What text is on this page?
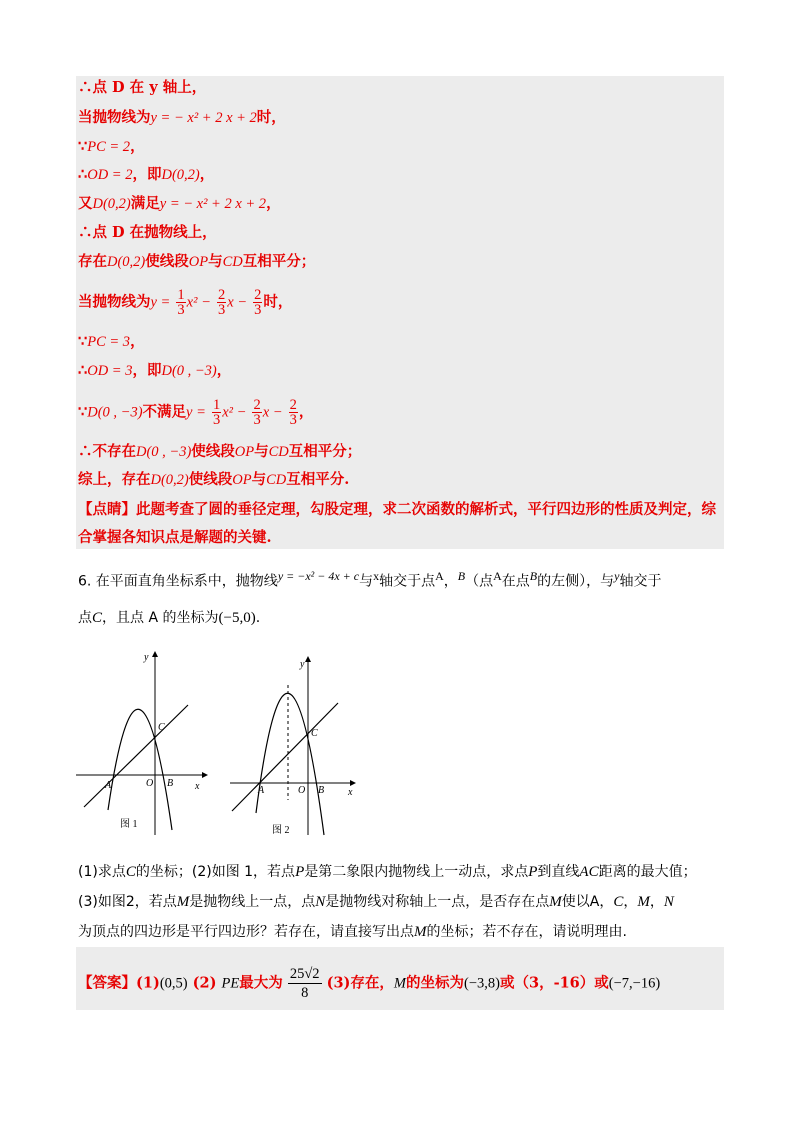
∴点 D 在 y 轴上，
当抛物线为y = − x² + 2 x + 2时，
∵PC = 2，
∴OD = 2，即D(0,2)，
又D(0,2)满足y = − x² + 2 x + 2，
∴点 D 在抛物线上，
存在D(0,2)使线段OP与CD互相平分；
当抛物线为$y = \frac{1}{3} x^2 - \frac{2}{3}$ $x - \frac{2}{3}$ 时，
∵PC = 3，
∴OD = 3，即D(0 , −3)，
∵D(0 , −3)不满足$y = \frac{1}{3} x^2 - \frac{2}{3}$ $x - \frac{2}{3}$ ，
∴不存在D(0 , −3)使线段OP与CD互相平分；
综上，存在D(0,2)使线段OP与CD互相平分.
【点睛】此题考查了圆的垂径定理，勾股定理，求二次函数的解析式，平行四边形的性质及判定，综合掌握各知识点是解题的关键.
6. 在平面直角坐标系中，抛物线$^{y = -x^2 - 4x + c}$与$^x$轴交于点$^A$，$^B$（点$^A$在点$^B$的左侧），与$^y$轴交于
点C，且点 A 的坐标为(−5,0).
y
x
A	O B
C
图 1
y
x
A	O B
C
图 2
(1)求点C的坐标；(2)如图 1，若点P是第二象限内抛物线上一动点，求点P到直线AC距离的最大值；
(3)如图2，若点M是抛物线上一点，点N是抛物线对称轴上一点，是否存在点M使以A，C，M，N
为顶点的四边形是平行四边形？若存在，请直接写出点M的坐标；若不存在，请说明理由.
【答案】(1)(0,5) (2) PE最大为 $\frac{25√2}{8} (3)$存在，M的坐标为(−3,8)或（3，-16）或(−7,−16)
